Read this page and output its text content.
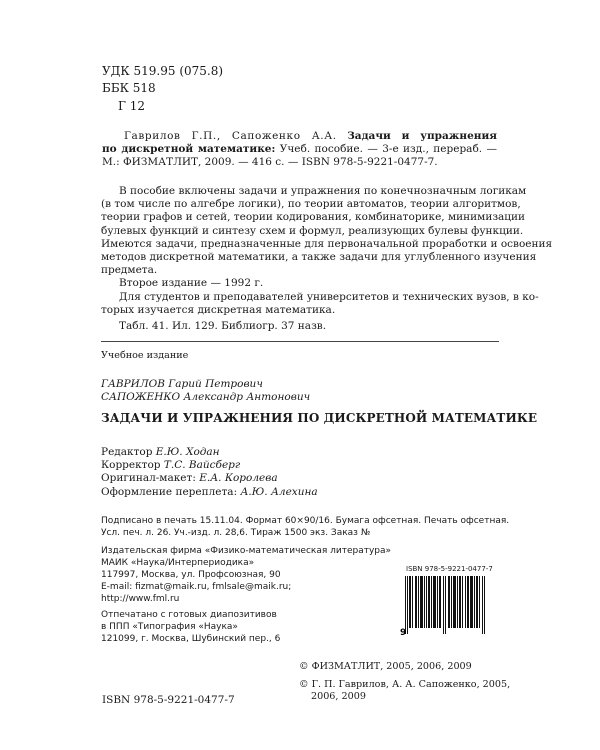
УДК 519.95 (075.8)
ББК 518
Г 12
Гаврилов Г.П., Сапоженко А.А. Задачи и упражнения
по дискретной математике: Учеб. пособие. — 3-е изд., перераб. —
М.: ФИЗМАТЛИТ, 2009. — 416 с. — ISBN 978-5-9221-0477-7.
В пособие включены задачи и упражнения по конечнозначным логикам
(в том числе по алгебре логики), по теории автоматов, теории алгоритмов,
теории графов и сетей, теории кодирования, комбинаторике, минимизации
булевых функций и синтезу схем и формул, реализующих булевы функции.
Имеются задачи, предназначенные для первоначальной проработки и освоения
методов дискретной математики, а также задачи для углубленного изучения
предмета.
Второе издание — 1992 г.
Для студентов и преподавателей университетов и технических вузов, в ко-
торых изучается дискретная математика.
Табл. 41. Ил. 129. Библиогр. 37 назв.
Учебное издание
ГАВРИЛОВ Гарий Петрович
САПОЖЕНКО Александр Антонович
ЗАДАЧИ И УПРАЖНЕНИЯ ПО ДИСКРЕТНОЙ МАТЕМАТИКЕ
Редактор Е.Ю. Ходан
Корректор Т.С. Вайсберг
Оригинал-макет: Е.А. Королева
Оформление переплета: А.Ю. Алехина
Подписано в печать 15.11.04. Формат 60×90/16. Бумага офсетная. Печать офсетная.
Усл. печ. л. 26. Уч.-изд. л. 28,6. Тираж 1500 экз. Заказ №
Издательская фирма «Физико-математическая литература»
МАИК «Наука/Интерпериодика»
117997, Москва, ул. Профсоюзная, 90
E-mail: fizmat@maik.ru, fmlsale@maik.ru;
http://www.fml.ru
Отпечатано с готовых диапозитивов
в ППП «Типография «Наука»
121099, г. Москва, Шубинский пер., 6
ISBN 978-5-9221-0477-7
9
ISBN 978-5-9221-0477-7
© ФИЗМАТЛИТ, 2005, 2006, 2009
© Г. П. Гаврилов, А. А. Сапоженко, 2005,
2006, 2009
